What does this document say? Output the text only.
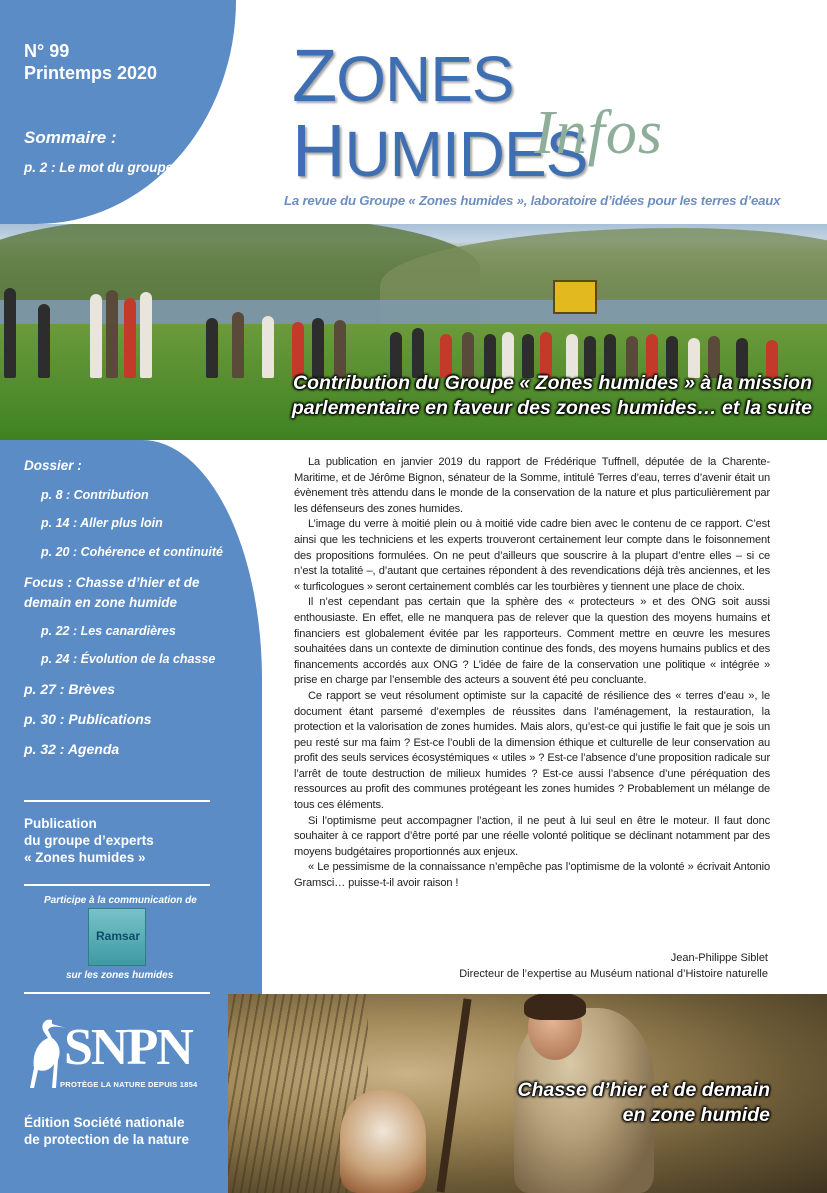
N° 99
Printemps 2020
Sommaire :
p. 2 : Le mot du groupe…
ZONES HUMIDES
Infos
La revue du Groupe « Zones humides », laboratoire d’idées pour les terres d’eaux
Contribution du Groupe « Zones humides » à la mission
parlementaire en faveur des zones humides… et la suite
Dossier :
p. 8 : Contribution
p. 14 : Aller plus loin
p. 20 : Cohérence et continuité
Focus : Chasse d’hier et de
demain en zone humide
p. 22 : Les canardières
p. 24 : Évolution de la chasse
p. 27 : Brèves
p. 30 : Publications
p. 32 : Agenda
Publication
du groupe d’experts
« Zones humides »
Participe à la communication de
Ramsar
sur les zones humides
SNPN
PROTÈGE LA NATURE DEPUIS 1854
Édition Société nationale
de protection de la nature

La publication en janvier 2019 du rapport de Frédérique Tuffnell, députée de la Charente-Maritime, et de Jérôme Bignon, sénateur de la Somme, intitulé Terres d’eau, terres d’avenir était un évènement très attendu dans le monde de la conservation de la nature et plus particulièrement par les défenseurs des zones humides.

L’image du verre à moitié plein ou à moitié vide cadre bien avec le contenu de ce rapport. C’est ainsi que les techniciens et les experts trouveront certainement leur compte dans le foisonnement des propositions formulées. On ne peut d’ailleurs que souscrire à la plupart d’entre elles – si ce n’est la totalité –, d’autant que certaines répondent à des revendications déjà très anciennes, et les « turficologues » seront certainement comblés car les tourbières y tiennent une place de choix.

Il n’est cependant pas certain que la sphère des « protecteurs » et des ONG soit aussi enthousiaste. En effet, elle ne manquera pas de relever que la question des moyens humains et financiers est globalement évitée par les rapporteurs. Comment mettre en œuvre les mesures souhaitées dans un contexte de diminution continue des fonds, des moyens humains publics et des financements accordés aux ONG ? L’idée de faire de la conservation une politique « intégrée » prise en charge par l’ensemble des acteurs a souvent été peu concluante.

Ce rapport se veut résolument optimiste sur la capacité de résilience des « terres d’eau », le document étant parsemé d’exemples de réussites dans l’aménagement, la restauration, la protection et la valorisation de zones humides. Mais alors, qu’est-ce qui justifie le fait que je sois un peu resté sur ma faim ? Est-ce l’oubli de la dimension éthique et culturelle de leur conservation au profit des seuls services écosystémiques « utiles » ? Est-ce l’absence d’une proposition radicale sur l’arrêt de toute destruction de milieux humides ? Est-ce aussi l’absence d’une péréquation des ressources au profit des communes protégeant les zones humides ? Probablement un mélange de tous ces éléments.

Si l’optimisme peut accompagner l’action, il ne peut à lui seul en être le moteur. Il faut donc souhaiter à ce rapport d’être porté par une réelle volonté politique se déclinant notamment par des moyens budgétaires proportionnés aux enjeux.

« Le pessimisme de la connaissance n’empêche pas l’optimisme de la volonté » écrivait Antonio Gramsci… puisse-t-il avoir raison !

Jean-Philippe Siblet
Directeur de l’expertise au Muséum national d’Histoire naturelle
Chasse d’hier et de demain
en zone humide
